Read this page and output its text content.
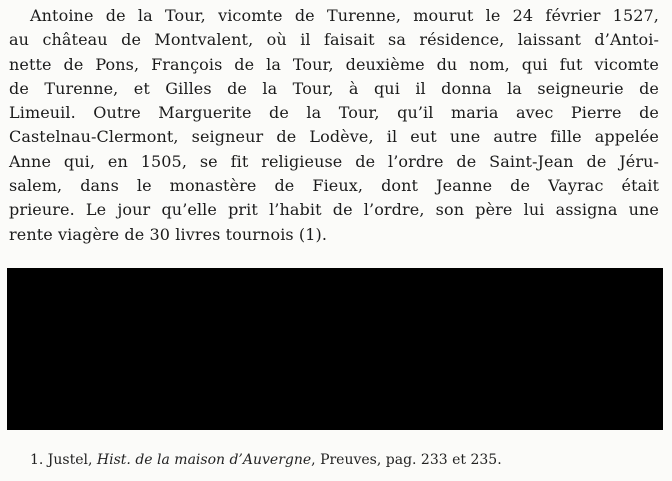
Antoine de la Tour, vicomte de Turenne, mourut le 24 février 1527,
au château de Montvalent, où il faisait sa résidence, laissant d’Antoi-
nette de Pons, François de la Tour, deuxième du nom, qui fut vicomte
de Turenne, et Gilles de la Tour, à qui il donna la seigneurie de
Limeuil. Outre Marguerite de la Tour, qu’il maria avec Pierre de
Castelnau-Clermont, seigneur de Lodève, il eut une autre fille appelée
Anne qui, en 1505, se fit religieuse de l’ordre de Saint-Jean de Jéru-
salem, dans le monastère de Fieux, dont Jeanne de Vayrac était
prieure. Le jour qu’elle prit l’habit de l’ordre, son père lui assigna une
rente viagère de 30 livres tournois (1).
1. Justel, Hist. de la maison d’Auvergne, Preuves, pag. 233 et 235.
